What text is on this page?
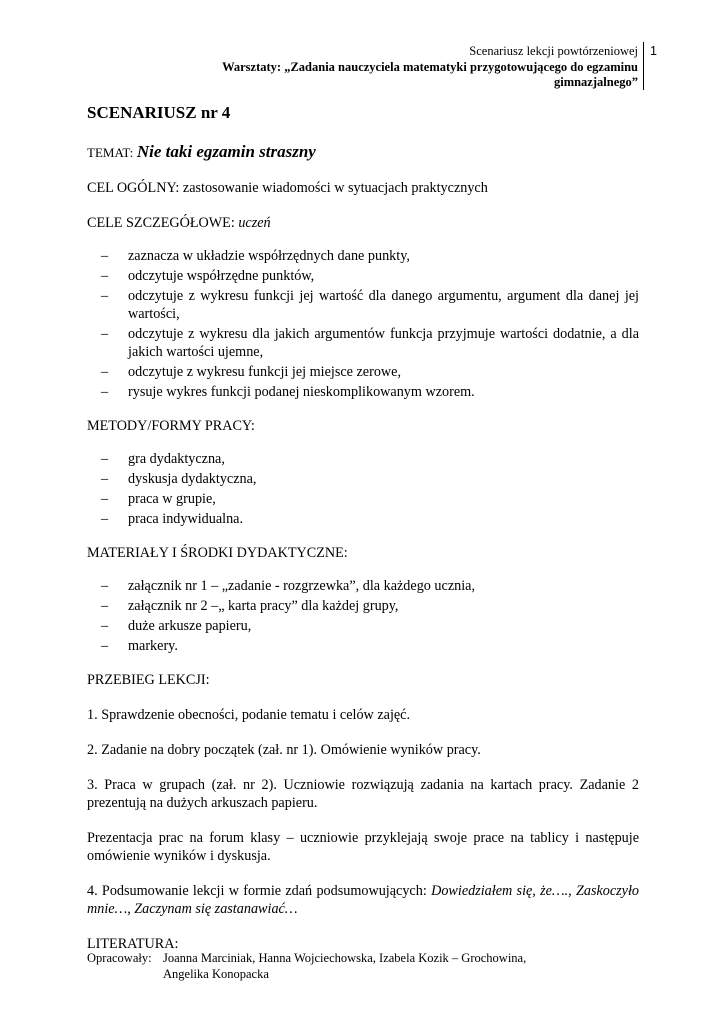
Scenariusz lekcji powtórzeniowej
Warsztaty: „Zadania nauczyciela matematyki przygotowującego do egzaminu
gimnazjalnego”
1
SCENARIUSZ nr 4
TEMAT: Nie taki egzamin straszny

CEL OGÓLNY: zastosowanie wiadomości w sytuacjach praktycznych

CELE SZCZEGÓŁOWE: uczeń

– zaznacza w układzie współrzędnych dane punkty,
– odczytuje współrzędne punktów,
– odczytuje z wykresu funkcji jej wartość dla danego argumentu, argument dla danej jej wartości,
– odczytuje z wykresu dla jakich argumentów funkcja przyjmuje wartości dodatnie, a dla jakich wartości ujemne,
– odczytuje z wykresu funkcji jej miejsce zerowe,
– rysuje wykres funkcji podanej nieskomplikowanym wzorem.

METODY/FORMY PRACY:

– gra dydaktyczna,
– dyskusja dydaktyczna,
– praca w grupie,
– praca indywidualna.

MATERIAŁY I ŚRODKI DYDAKTYCZNE:

– załącznik nr 1 – „zadanie - rozgrzewka”, dla każdego ucznia,
– załącznik nr 2 –„ karta pracy” dla każdej grupy,
– duże arkusze papieru,
– markery.

PRZEBIEG LEKCJI:

1. Sprawdzenie obecności, podanie tematu i celów zajęć.

2. Zadanie na dobry początek (zał. nr 1). Omówienie wyników pracy.

3. Praca w grupach (zał. nr 2). Uczniowie rozwiązują zadania na kartach pracy. Zadanie 2 prezentują na dużych arkuszach papieru.

Prezentacja prac na forum klasy – uczniowie przyklejają swoje prace na tablicy i następuje omówienie wyników i dyskusja.

4. Podsumowanie lekcji w formie zdań podsumowujących: Dowiedziałem się, że…., Zaskoczyło mnie…, Zaczynam się zastanawiać…

LITERATURA:

Opracowały: Joanna Marciniak, Hanna Wojciechowska, Izabela Kozik – Grochowina,
Angelika Konopacka
